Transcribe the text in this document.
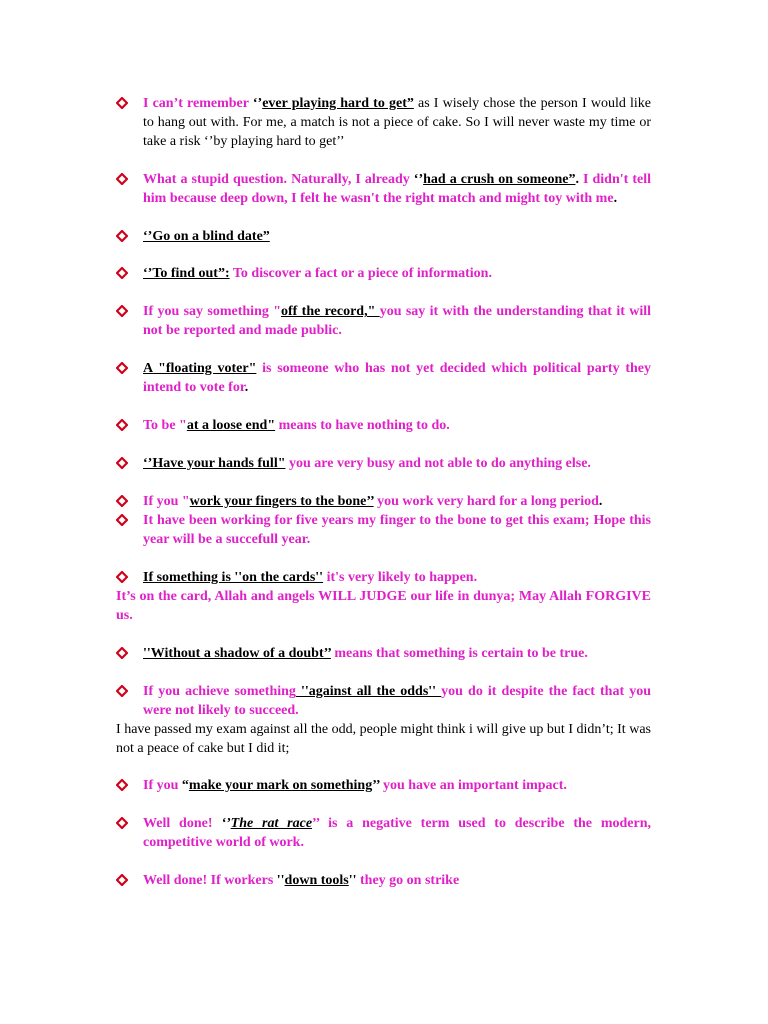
I can’t remember ‘’ever playing hard to get” as I wisely chose the person I would like to hang out with. For me, a match is not a piece of cake. So I will never waste my time or take a risk ‘’by playing hard to get’’
What a stupid question. Naturally, I already ‘’had a crush on someone”. I didn't tell him because deep down, I felt he wasn't the right match and might toy with me.
‘’Go on a blind date”
‘’To find out”: To discover a fact or a piece of information.
If you say something "off the record," you say it with the understanding that it will not be reported and made public.
A "floating voter" is someone who has not yet decided which political party they intend to vote for.
To be "at a loose end" means to have nothing to do.
‘’Have your hands full" you are very busy and not able to do anything else.
If you "work your fingers to the bone’’ you work very hard for a long period.
It have been working for five years my finger to the bone to get this exam; Hope this year will be a succefull year.
If something is ''on the cards'' it's very likely to happen.
It’s on the card, Allah and angels WILL JUDGE our life in dunya; May Allah FORGIVE us.
''Without a shadow of a doubt’’ means that something is certain to be true.
If you achieve something ''against all the odds'' you do it despite the fact that you were not likely to succeed.
I have passed my exam against all the odd, people might think i will give up but I didn’t; It was not a peace of cake but I did it;
If you “make your mark on something’’ you have an important impact.
Well done! ‘’The rat race’’ is a negative term used to describe the modern, competitive world of work.
Well done! If workers ''down tools'' they go on strike
